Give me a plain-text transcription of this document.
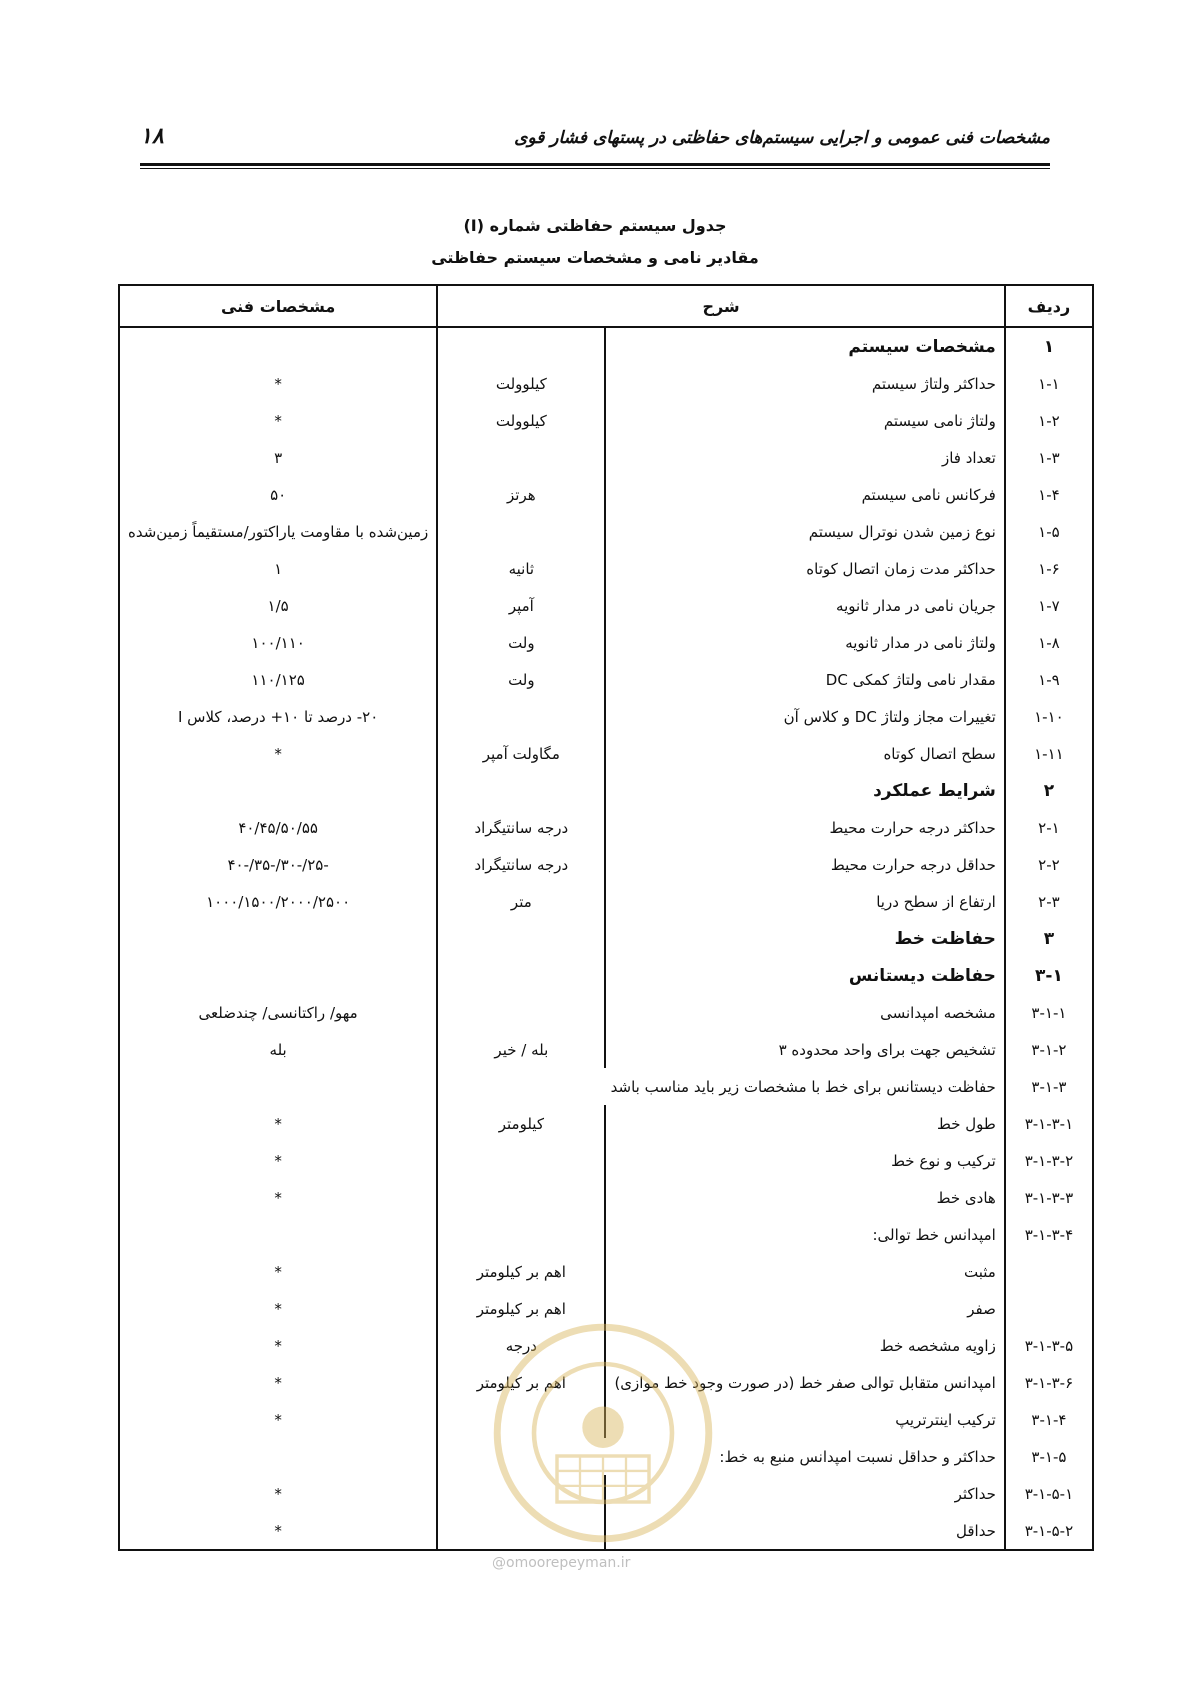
مشخصات فنی عمومی و اجرایی سیستم‌های حفاظتی در پستهای فشار قوی
۱۸
جدول سیستم حفاظتی شماره (I)
مقادیر نامی و مشخصات سیستم حفاظتی
ردیف	شرح		مشخصات فنی
۱	مشخصات سیستم		
۱-۱	حداکثر ولتاژ سیستم	کیلوولت	*
۱-۲	ولتاژ نامی سیستم	کیلوولت	*
۱-۳	تعداد فاز		۳
۱-۴	فرکانس نامی سیستم	هرتز	۵۰
۱-۵	نوع زمین شدن نوترال سیستم		زمین‌شده با مقاومت یاراکتور/مستقیماً زمین‌شده
۱-۶	حداکثر مدت زمان اتصال کوتاه	ثانیه	۱
۱-۷	جریان نامی در مدار ثانویه	آمپر	۱/۵
۱-۸	ولتاژ نامی در مدار ثانویه	ولت	۱۰۰/۱۱۰
۱-۹	مقدار نامی ولتاژ کمکی DC	ولت	۱۱۰/۱۲۵
۱-۱۰	تغییرات مجاز ولتاژ DC و کلاس آن		۲۰- درصد تا ۱۰+ درصد، کلاس I
۱-۱۱	سطح اتصال کوتاه	مگاولت آمپر	*
۲	شرایط عملکرد		
۲-۱	حداکثر درجه حرارت محیط	درجه سانتیگراد	۴۰/۴۵/۵۰/۵۵
۲-۲	حداقل درجه حرارت محیط	درجه سانتیگراد	-۲۵/-۳۰/-۳۵/-۴۰
۲-۳	ارتفاع از سطح دریا	متر	۱۰۰۰/۱۵۰۰/۲۰۰۰/۲۵۰۰
۳	حفاظت خط		
۳-۱	حفاظت دیستانس		
۳-۱-۱	مشخصه امپدانسی		مهو/ راکتانسی/ چندضلعی
۳-۱-۲	تشخیص جهت برای واحد محدوده ۳	بله / خیر	بله
۳-۱-۳	حفاظت دیستانس برای خط با مشخصات زیر باید مناسب باشد		
۳-۱-۳-۱	طول خط	کیلومتر	*
۳-۱-۳-۲	ترکیب و نوع خط		*
۳-۱-۳-۳	هادی خط		*
۳-۱-۳-۴	امپدانس خط توالی:		
	مثبت	اهم بر کیلومتر	*
	صفر	اهم بر کیلومتر	*
۳-۱-۳-۵	زاویه مشخصه خط	درجه	*
۳-۱-۳-۶	امپدانس متقابل توالی صفر خط (در صورت وجود خط موازی)	اهم بر کیلومتر	*
۳-۱-۴	ترکیب اینترتریپ		*
۳-۱-۵	حداکثر و حداقل نسبت امپدانس منبع به خط:		
۳-۱-۵-۱	حداکثر		*
۳-۱-۵-۲	حداقل		*
@omoorepeyman.ir
